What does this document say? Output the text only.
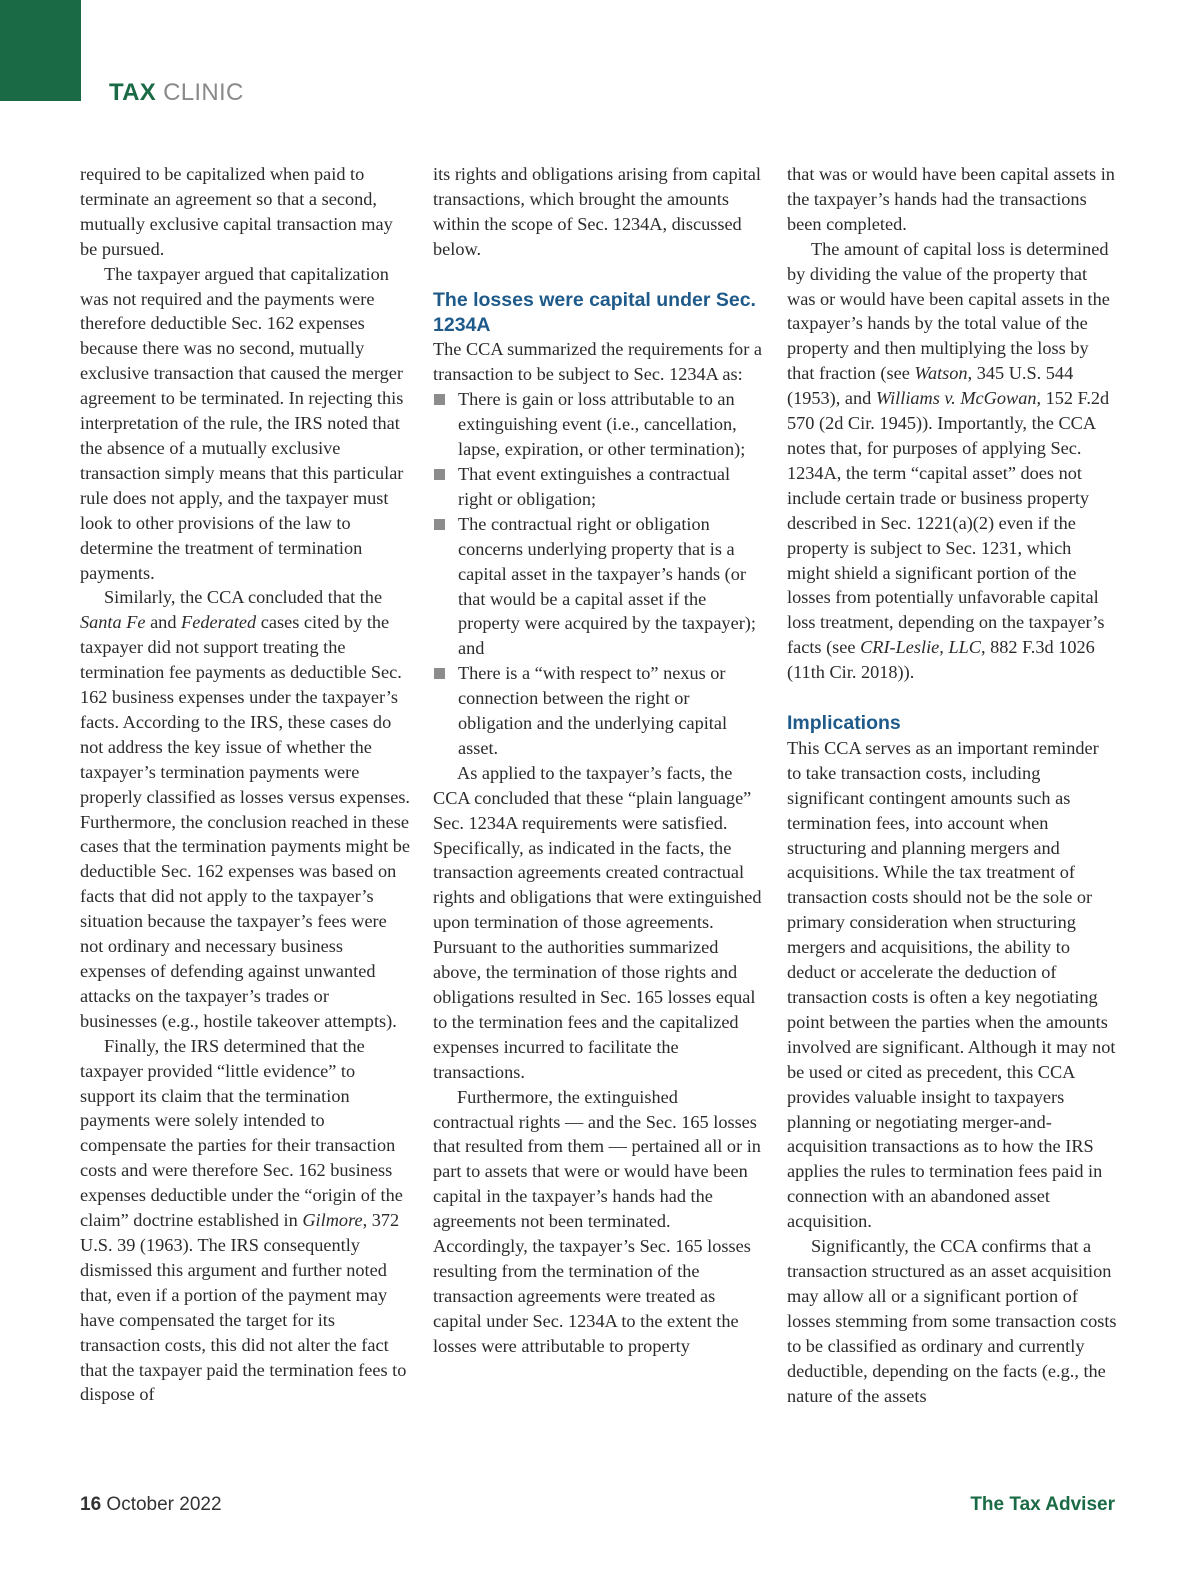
TAX CLINIC

required to be capitalized when paid to terminate an agreement so that a second, mutually exclusive capital transaction may be pursued.

The taxpayer argued that capitalization was not required and the payments were therefore deductible Sec. 162 expenses because there was no second, mutually exclusive transaction that caused the merger agreement to be terminated. In rejecting this interpretation of the rule, the IRS noted that the absence of a mutually exclusive transaction simply means that this particular rule does not apply, and the taxpayer must look to other provisions of the law to determine the treatment of termination payments.

Similarly, the CCA concluded that the Santa Fe and Federated cases cited by the taxpayer did not support treating the termination fee payments as deductible Sec. 162 business expenses under the taxpayer’s facts. According to the IRS, these cases do not address the key issue of whether the taxpayer’s termination payments were properly classified as losses versus expenses. Furthermore, the conclusion reached in these cases that the termination payments might be deductible Sec. 162 expenses was based on facts that did not apply to the taxpayer’s situation because the taxpayer’s fees were not ordinary and necessary business expenses of defending against unwanted attacks on the taxpayer’s trades or businesses (e.g., hostile takeover attempts).

Finally, the IRS determined that the taxpayer provided “little evidence” to support its claim that the termination payments were solely intended to compensate the parties for their transaction costs and were therefore Sec. 162 business expenses deductible under the “origin of the claim” doctrine established in Gilmore, 372 U.S. 39 (1963). The IRS consequently dismissed this argument and further noted that, even if a portion of the payment may have compensated the target for its transaction costs, this did not alter the fact that the taxpayer paid the termination fees to dispose of

its rights and obligations arising from capital transactions, which brought the amounts within the scope of Sec. 1234A, discussed below.

The losses were capital under Sec. 1234A

The CCA summarized the requirements for a transaction to be subject to Sec. 1234A as:

There is gain or loss attributable to an extinguishing event (i.e., cancellation, lapse, expiration, or other termination);
That event extinguishes a contractual right or obligation;
The contractual right or obligation concerns underlying property that is a capital asset in the taxpayer’s hands (or that would be a capital asset if the property were acquired by the taxpayer); and
There is a “with respect to” nexus or connection between the right or obligation and the underlying capital asset.

As applied to the taxpayer’s facts, the CCA concluded that these “plain language” Sec. 1234A requirements were satisfied. Specifically, as indicated in the facts, the transaction agreements created contractual rights and obligations that were extinguished upon termination of those agreements. Pursuant to the authorities summarized above, the termination of those rights and obligations resulted in Sec. 165 losses equal to the termination fees and the capitalized expenses incurred to facilitate the transactions.

Furthermore, the extinguished contractual rights — and the Sec. 165 losses that resulted from them — pertained all or in part to assets that were or would have been capital in the taxpayer’s hands had the agreements not been terminated. Accordingly, the taxpayer’s Sec. 165 losses resulting from the termination of the transaction agreements were treated as capital under Sec. 1234A to the extent the losses were attributable to property

that was or would have been capital assets in the taxpayer’s hands had the transactions been completed.

The amount of capital loss is determined by dividing the value of the property that was or would have been capital assets in the taxpayer’s hands by the total value of the property and then multiplying the loss by that fraction (see Watson, 345 U.S. 544 (1953), and Williams v. McGowan, 152 F.2d 570 (2d Cir. 1945)). Importantly, the CCA notes that, for purposes of applying Sec. 1234A, the term “capital asset” does not include certain trade or business property described in Sec. 1221(a)(2) even if the property is subject to Sec. 1231, which might shield a significant portion of the losses from potentially unfavorable capital loss treatment, depending on the taxpayer’s facts (see CRI-Leslie, LLC, 882 F.3d 1026 (11th Cir. 2018)).

Implications

This CCA serves as an important reminder to take transaction costs, including significant contingent amounts such as termination fees, into account when structuring and planning mergers and acquisitions. While the tax treatment of transaction costs should not be the sole or primary consideration when structuring mergers and acquisitions, the ability to deduct or accelerate the deduction of transaction costs is often a key negotiating point between the parties when the amounts involved are significant. Although it may not be used or cited as precedent, this CCA provides valuable insight to taxpayers planning or negotiating merger-and-acquisition transactions as to how the IRS applies the rules to termination fees paid in connection with an abandoned asset acquisition.

Significantly, the CCA confirms that a transaction structured as an asset acquisition may allow all or a significant portion of losses stemming from some transaction costs to be classified as ordinary and currently deductible, depending on the facts (e.g., the nature of the assets

16 October 2022	The Tax Adviser
